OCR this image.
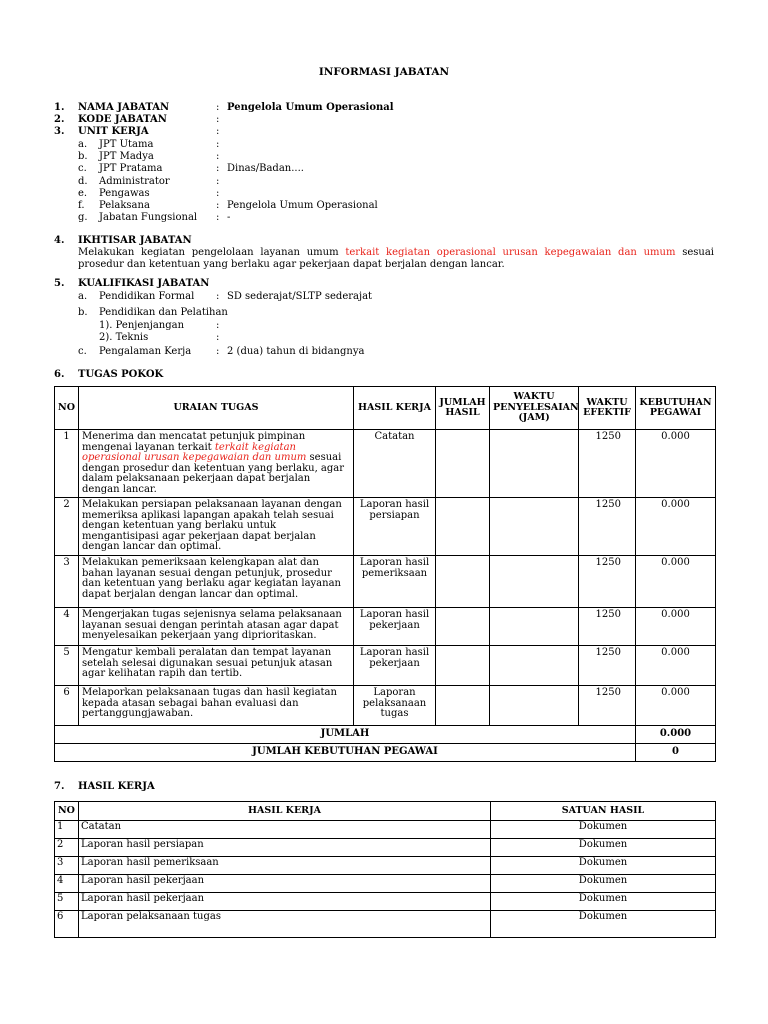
INFORMASI JABATAN
1. NAMA JABATAN	: Pengelola Umum Operasional
2. KODE JABATAN	:
3. UNIT KERJA	:
a. JPT Utama	:
b. JPT Madya	:
c. JPT Pratama	: Dinas/Badan....
d. Administrator	:
e. Pengawas	:
f. Pelaksana	: Pengelola Umum Operasional
g. Jabatan Fungsional : -
4. IKHTISAR JABATAN
Melakukan kegiatan pengelolaan layanan umum terkait kegiatan operasional urusan kepegawaian dan umum sesuai prosedur dan ketentuan yang berlaku agar pekerjaan dapat berjalan dengan lancar.
5. KUALIFIKASI JABATAN
a. Pendidikan Formal : SD sederajat/SLTP sederajat
b. Pendidikan dan Pelatihan
1). Penjenjangan	:
2). Teknis	:
c. Pengalaman Kerja : 2 (dua) tahun di bidangnya
6. TUGAS POKOK
NO	URAIAN TUGAS	HASIL KERJA	JUMLAH HASIL	WAKTU PENYELESAIAN (JAM)	WAKTU EFEKTIF	KEBUTUHAN PEGAWAI
1	Menerima dan mencatat petunjuk pimpinan mengenai layanan terkait terkait kegiatan operasional urusan kepegawaian dan umum sesuai dengan prosedur dan ketentuan yang berlaku, agar dalam pelaksanaan pekerjaan dapat berjalan dengan lancar.	Catatan			1250	0.000
2	Melakukan persiapan pelaksanaan layanan dengan memeriksa aplikasi lapangan apakah telah sesuai dengan ketentuan yang berlaku untuk mengantisipasi agar pekerjaan dapat berjalan dengan lancar dan optimal.	Laporan hasil persiapan			1250	0.000
3	Melakukan pemeriksaan kelengkapan alat dan bahan layanan sesuai dengan petunjuk, prosedur dan ketentuan yang berlaku agar kegiatan layanan dapat berjalan dengan lancar dan optimal.	Laporan hasil pemeriksaan			1250	0.000
4	Mengerjakan tugas sejenisnya selama pelaksanaan layanan sesuai dengan perintah atasan agar dapat menyelesaikan pekerjaan yang diprioritaskan.	Laporan hasil pekerjaan			1250	0.000
5	Mengatur kembali peralatan dan tempat layanan setelah selesai digunakan sesuai petunjuk atasan agar kelihatan rapih dan tertib.	Laporan hasil pekerjaan			1250	0.000
6	Melaporkan pelaksanaan tugas dan hasil kegiatan kepada atasan sebagai bahan evaluasi dan pertanggungjawaban.	Laporan pelaksanaan tugas			1250	0.000
JUMLAH						0.000
JUMLAH KEBUTUHAN PEGAWAI						0
7. HASIL KERJA
NO	HASIL KERJA	SATUAN HASIL
1	Catatan	Dokumen
2	Laporan hasil persiapan	Dokumen
3	Laporan hasil pemeriksaan	Dokumen
4	Laporan hasil pekerjaan	Dokumen
5	Laporan hasil pekerjaan	Dokumen
6	Laporan pelaksanaan tugas	Dokumen
